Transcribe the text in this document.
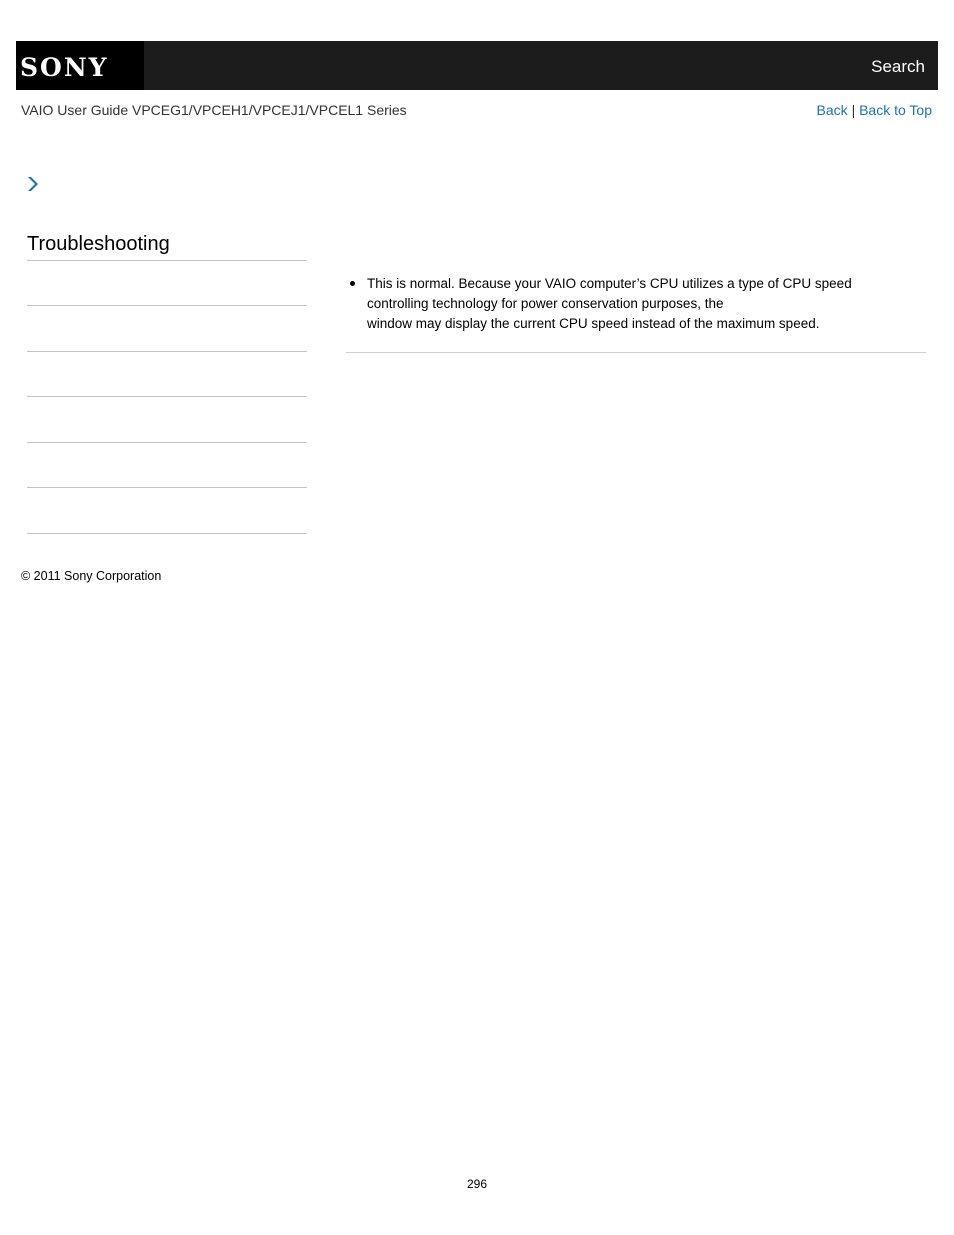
SONY	Search
VAIO User Guide VPCEG1/VPCEH1/VPCEJ1/VPCEL1 Series	Back | Back to Top
Troubleshooting
This is normal. Because your VAIO computer’s CPU utilizes a type of CPU speed
controlling technology for power conservation purposes, the
window may display the current CPU speed instead of the maximum speed.
© 2011 Sony Corporation
296
